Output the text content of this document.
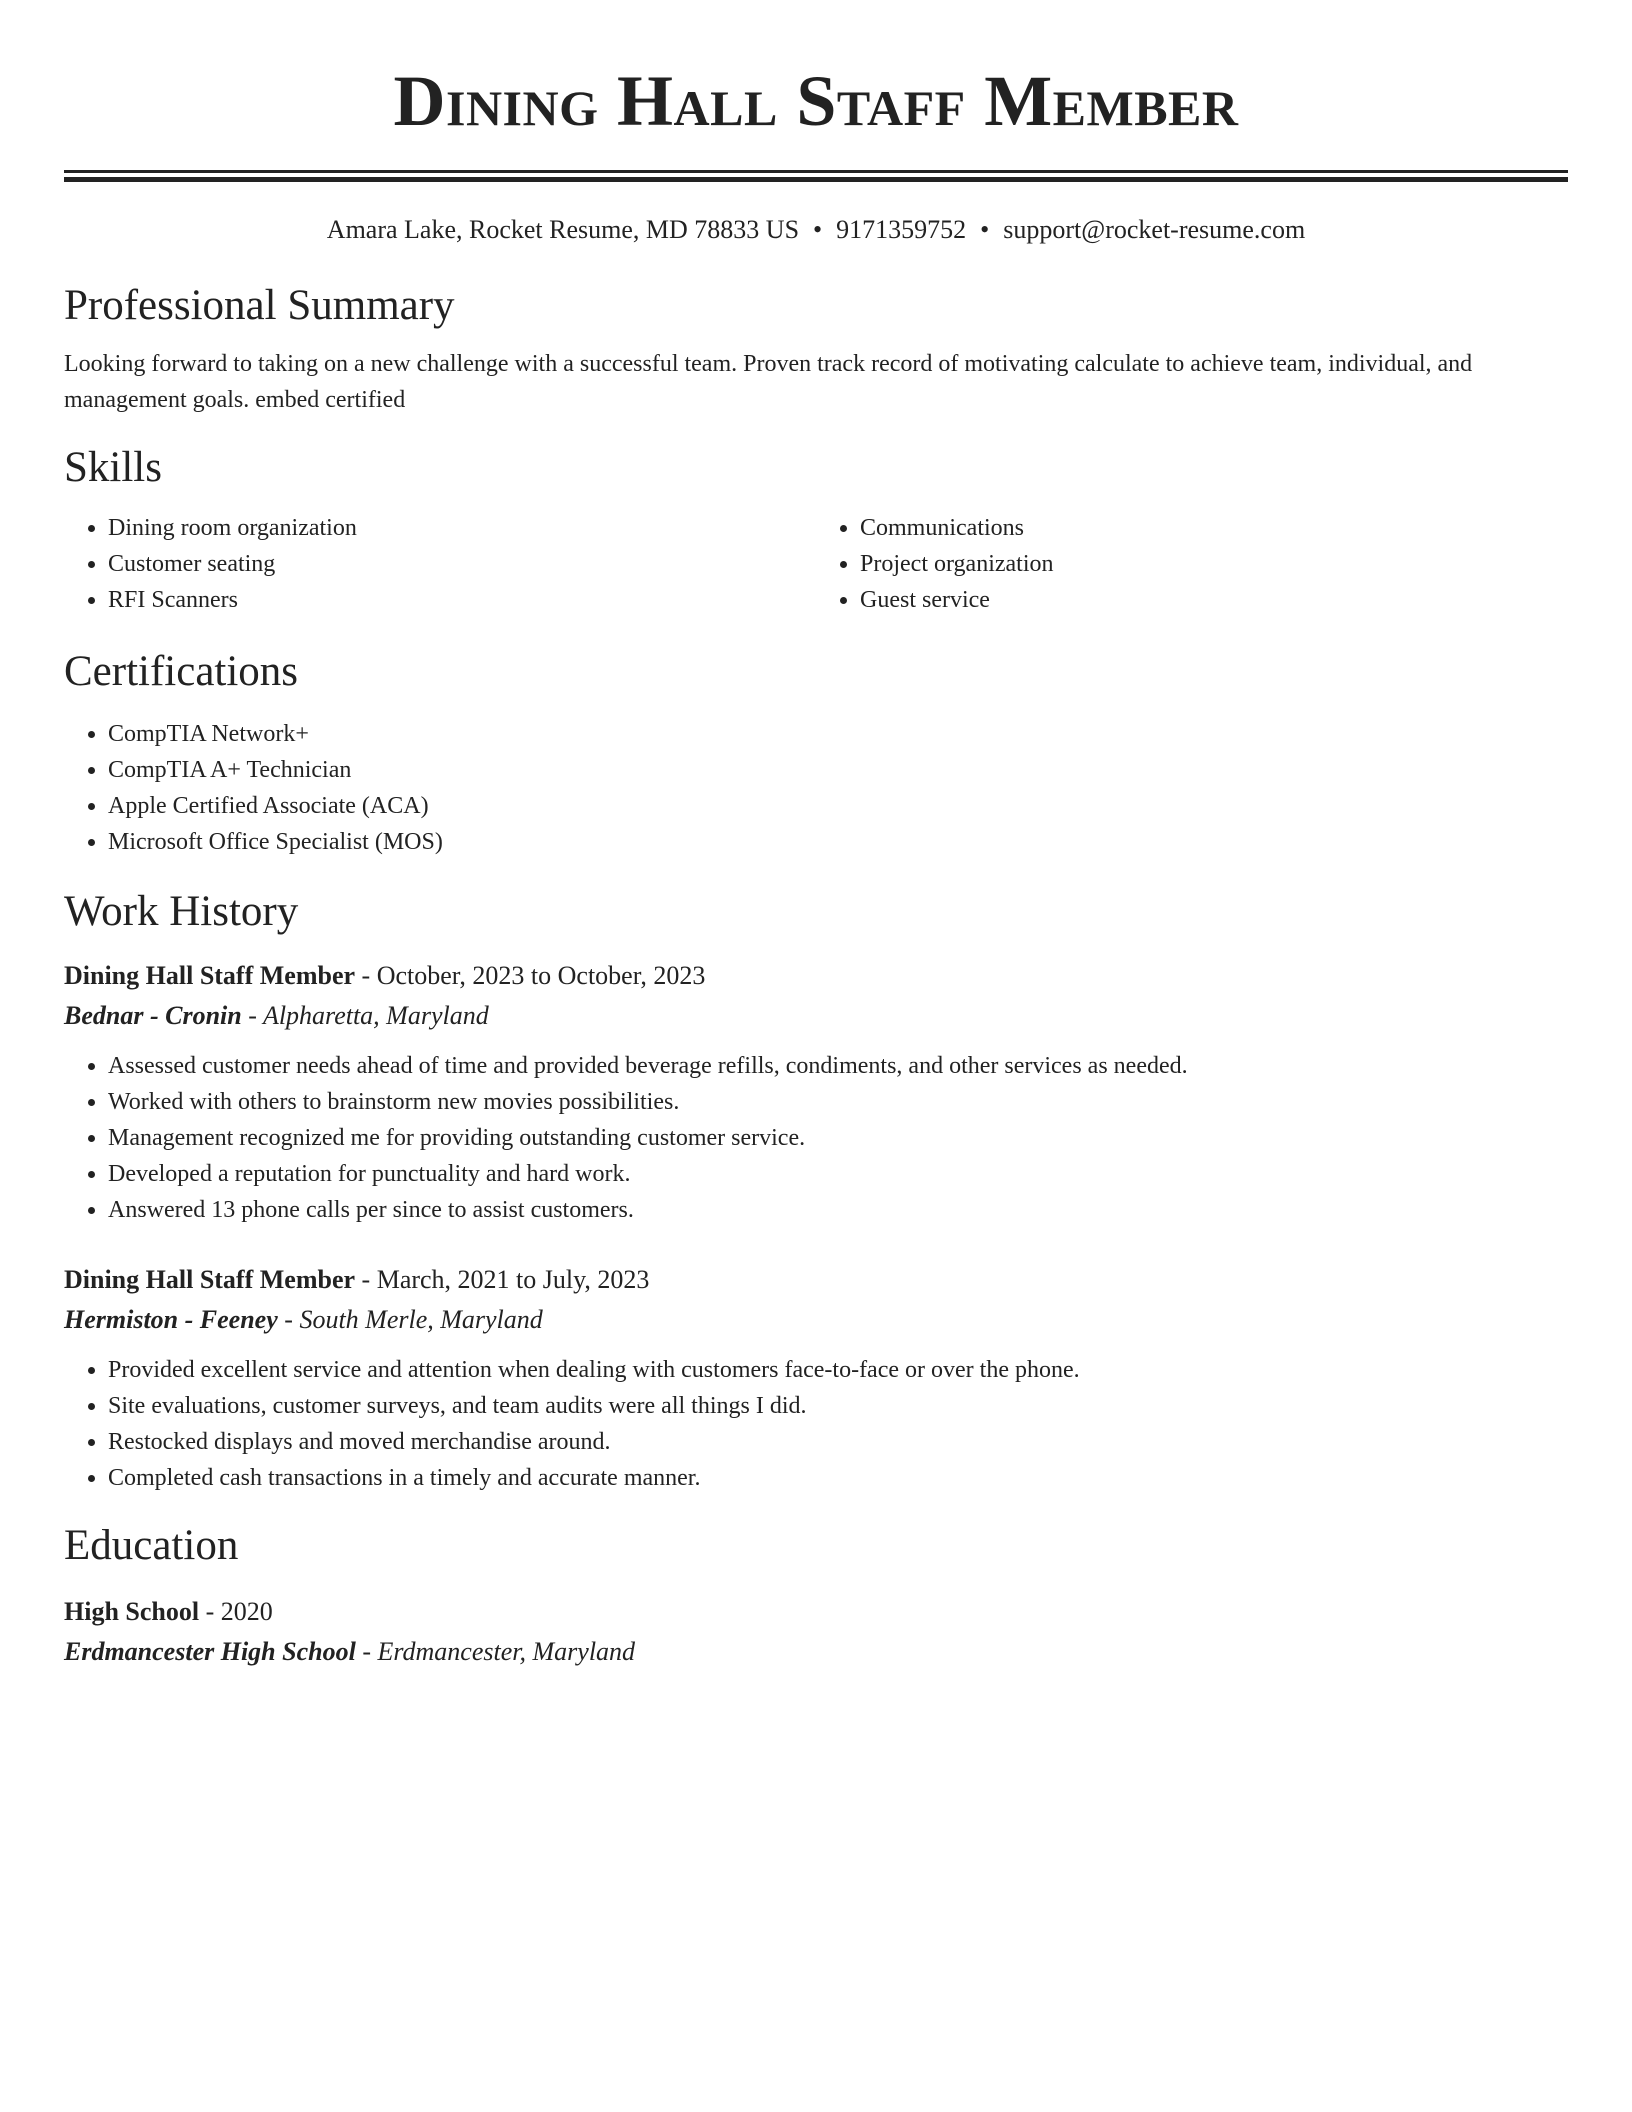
Dining Hall Staff Member
Amara Lake, Rocket Resume, MD 78833 US • 9171359752 • support@rocket-resume.com
Professional Summary

Looking forward to taking on a new challenge with a successful team. Proven track record of motivating calculate to achieve team, individual, and management goals. embed certified

Skills
• Dining room organization
• Customer seating
• RFI Scanners
• Communications
• Project organization
• Guest service
Certifications
• CompTIA Network+
• CompTIA A+ Technician
• Apple Certified Associate (ACA)
• Microsoft Office Specialist (MOS)
Work History
Dining Hall Staff Member - October, 2023 to October, 2023
Bednar - Cronin - Alpharetta, Maryland
• Assessed customer needs ahead of time and provided beverage refills, condiments, and other services as needed.
• Worked with others to brainstorm new movies possibilities.
• Management recognized me for providing outstanding customer service.
• Developed a reputation for punctuality and hard work.
• Answered 13 phone calls per since to assist customers.
Dining Hall Staff Member - March, 2021 to July, 2023
Hermiston - Feeney - South Merle, Maryland
• Provided excellent service and attention when dealing with customers face-to-face or over the phone.
• Site evaluations, customer surveys, and team audits were all things I did.
• Restocked displays and moved merchandise around.
• Completed cash transactions in a timely and accurate manner.
Education
High School - 2020
Erdmancester High School - Erdmancester, Maryland
